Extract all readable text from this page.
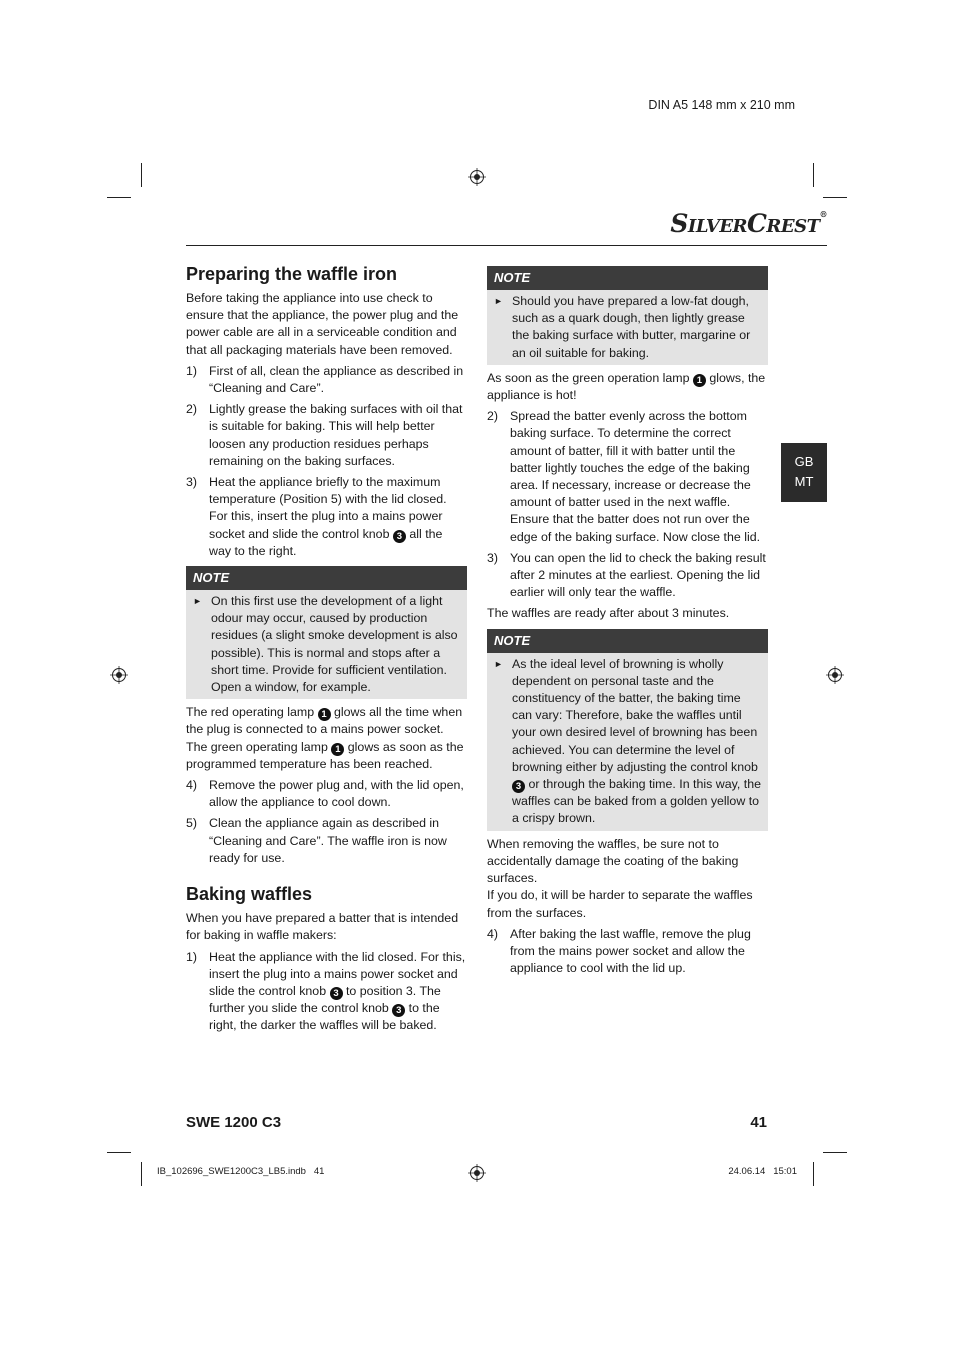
DIN A5 148 mm x 210 mm
SILVERCREST®
GB
MT
Preparing the waffle iron

Before taking the appliance into use check to ensure that the appliance, the power plug and the power cable are all in a serviceable condition and that all packaging materials have been removed.

1) First of all, clean the appliance as described in “Cleaning and Care”.
2) Lightly grease the baking surfaces with oil that is suitable for baking. This will help better loosen any production residues perhaps remaining on the baking surfaces.
3) Heat the appliance briefly to the maximum temperature (Position 5) with the lid closed. For this, insert the plug into a mains power socket and slide the control knob 3 all the way to the right.
NOTE
► On this first use the development of a light odour may occur, caused by production residues (a slight smoke development is also possible). This is normal and stops after a short time. Provide for sufficient ventilation. Open a window, for example.

The red operating lamp 1 glows all the time when the plug is connected to a mains power socket.

The green operating lamp 1 glows as soon as the programmed temperature has been reached.

4) Remove the power plug and, with the lid open, allow the appliance to cool down.
5) Clean the appliance again as described in “Cleaning and Care”. The waffle iron is now ready for use.
Baking waffles

When you have prepared a batter that is intended for baking in waffle makers:

1) Heat the appliance with the lid closed. For this, insert the plug into a mains power socket and slide the control knob 3 to position 3. The further you slide the control knob 3 to the right, the darker the waffles will be baked.
NOTE
► Should you have prepared a low-fat dough, such as a quark dough, then lightly grease the baking surface with butter, margarine or an oil suitable for baking.

As soon as the green operation lamp 1 glows, the appliance is hot!

2) Spread the batter evenly across the bottom baking surface. To determine the correct amount of batter, fill it with batter until the batter lightly touches the edge of the baking area. If necessary, increase or decrease the amount of batter used in the next waffle. Ensure that the batter does not run over the edge of the baking surface. Now close the lid.
3) You can open the lid to check the baking result after 2 minutes at the earliest. Opening the lid earlier will only tear the waffle.

The waffles are ready after about 3 minutes.

NOTE
► As the ideal level of browning is wholly dependent on personal taste and the constituency of the batter, the baking time can vary: Therefore, bake the waffles until your own desired level of browning has been achieved. You can determine the level of browning either by adjusting the control knob 3 or through the baking time. In this way, the waffles can be baked from a golden yellow to a crispy brown.

When removing the waffles, be sure not to accidentally damage the coating of the baking surfaces.

If you do, it will be harder to separate the waffles from the surfaces.

4) After baking the last waffle, remove the plug from the mains power socket and allow the appliance to cool with the lid up.
SWE 1200 C3	41
IB_102696_SWE1200C3_LB5.indb   41	24.06.14   15:01
